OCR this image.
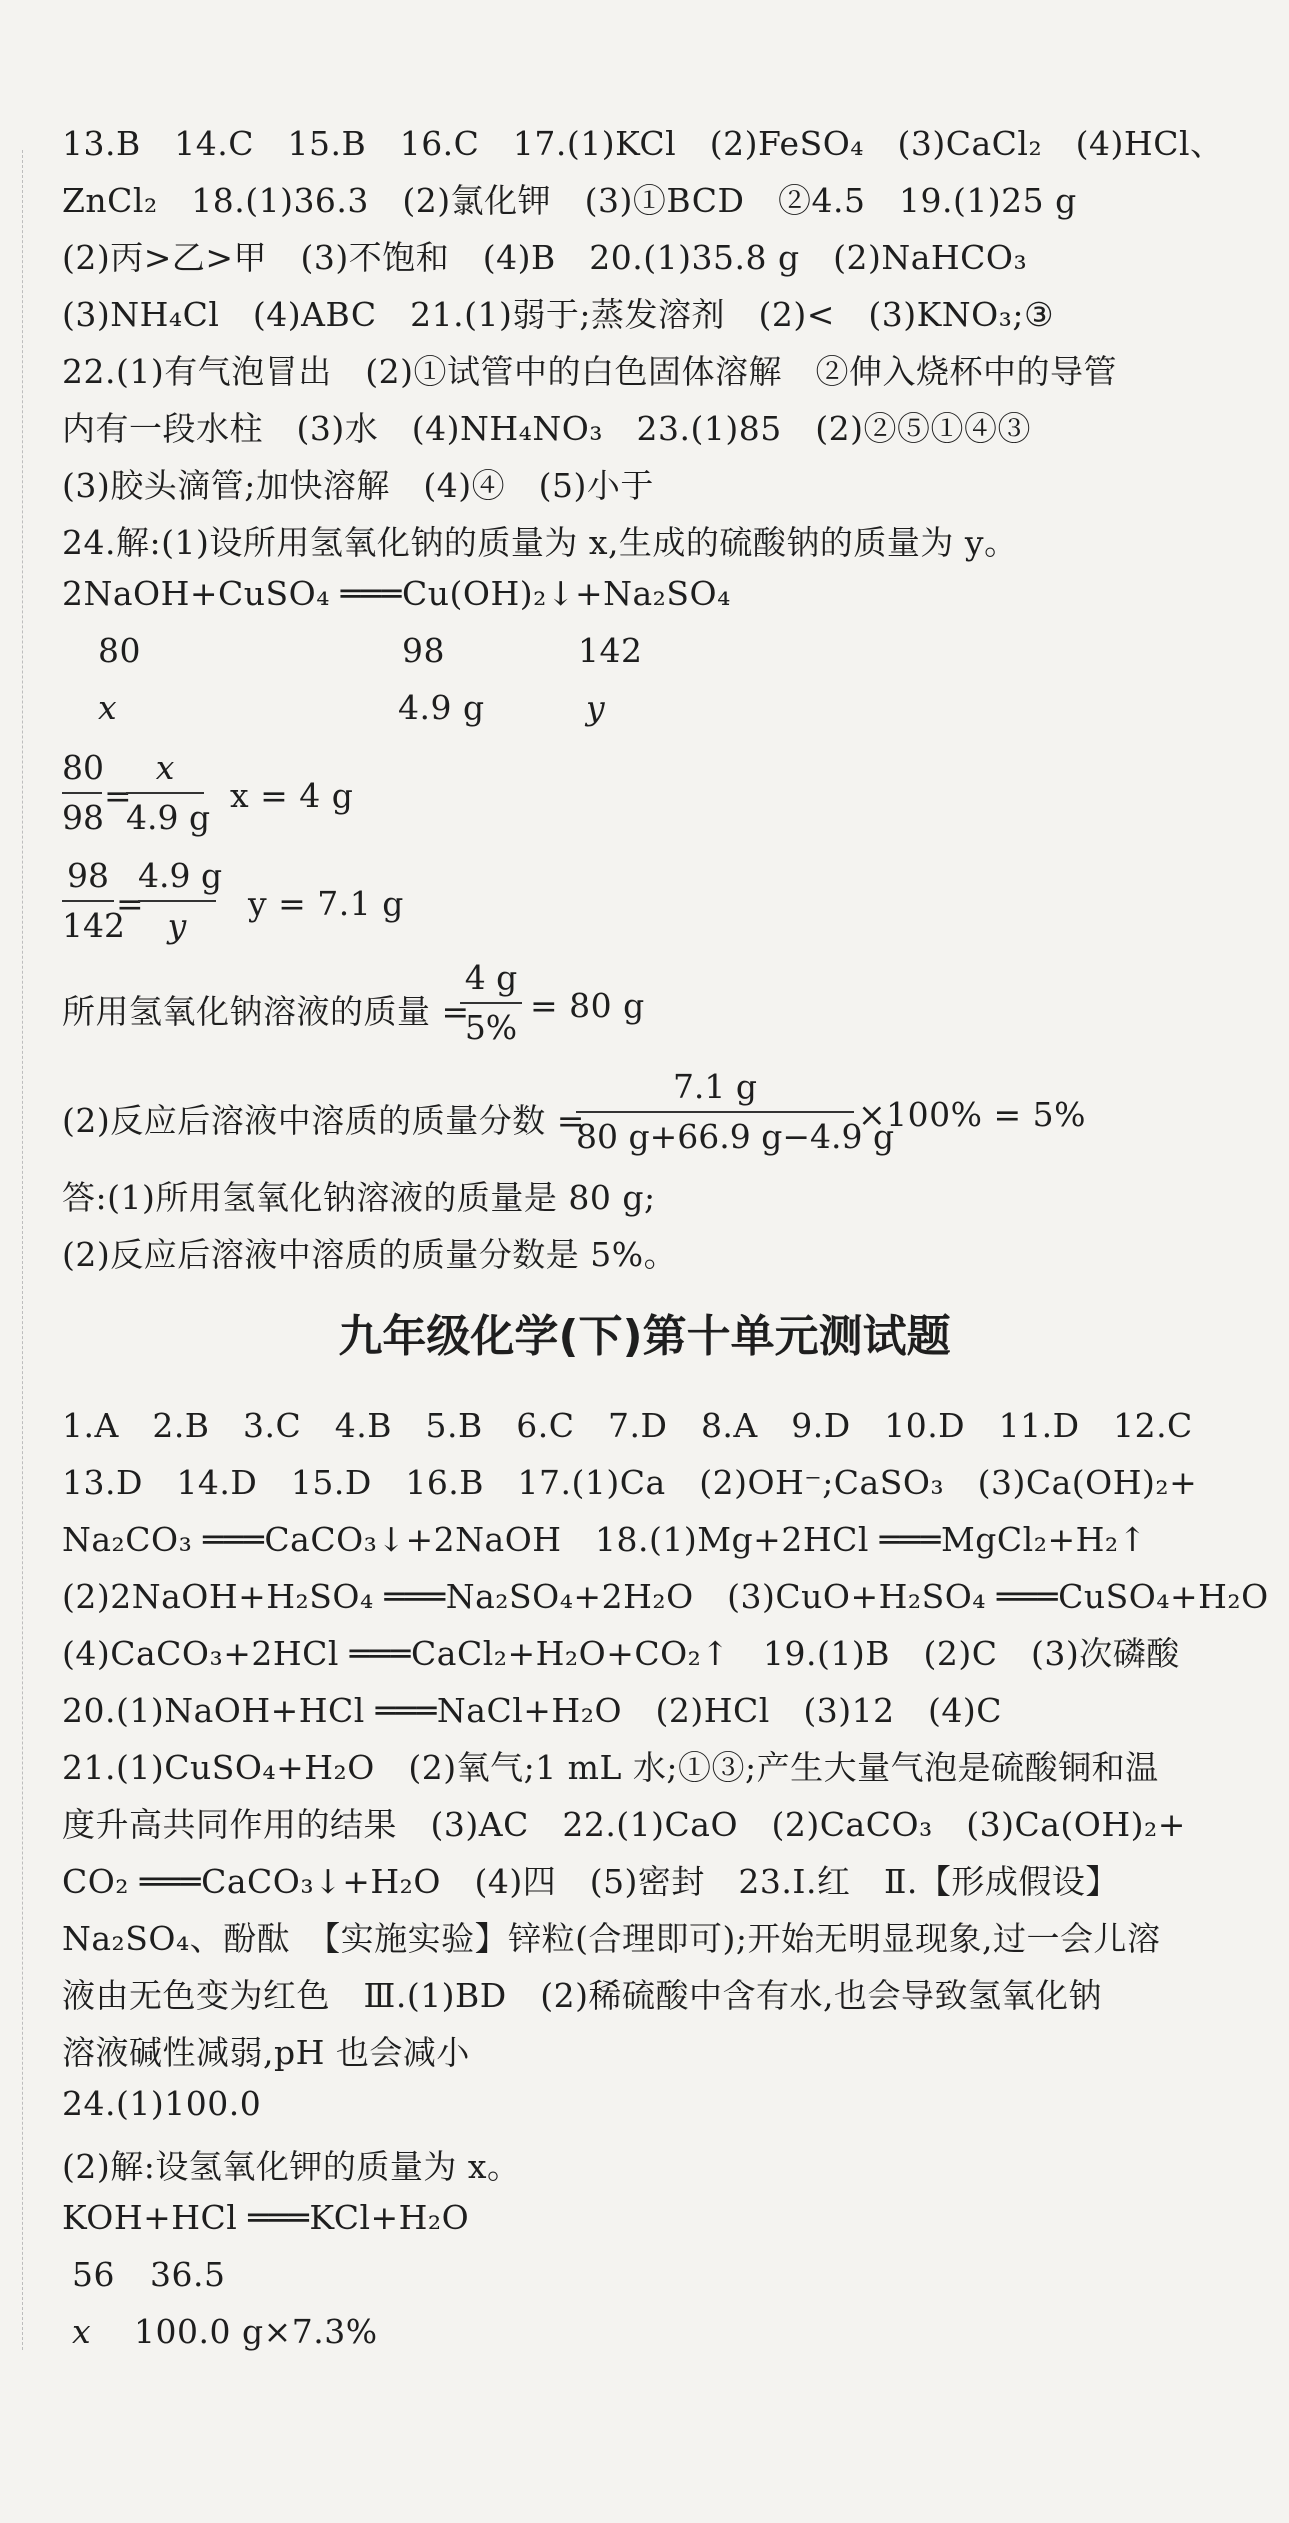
13.B　14.C　15.B　16.C　17.(1)KCl　(2)FeSO₄　(3)CaCl₂　(4)HCl、
ZnCl₂　18.(1)36.3　(2)氯化钾　(3)①BCD　②4.5　19.(1)25 g
(2)丙>乙>甲　(3)不饱和　(4)B　20.(1)35.8 g　(2)NaHCO₃
(3)NH₄Cl　(4)ABC　21.(1)弱于;蒸发溶剂　(2)<　(3)KNO₃;③
22.(1)有气泡冒出　(2)①试管中的白色固体溶解　②伸入烧杯中的导管
内有一段水柱　(3)水　(4)NH₄NO₃　23.(1)85　(2)②⑤①④③
(3)胶头滴管;加快溶解　(4)④　(5)小于
24.解:(1)设所用氢氧化钠的质量为 x,生成的硫酸钠的质量为 y。
2NaOH+CuSO₄ ═══Cu(OH)₂↓+Na₂SO₄
80	98	142
x	4.9 g	y
80
98
=
x
4.9 g
x = 4 g
98
142
=
4.9 g
y
y = 7.1 g
所用氢氧化钠溶液的质量 =
4 g
5%
= 80 g
(2)反应后溶液中溶质的质量分数 =
7.1 g
80 g+66.9 g−4.9 g
×100% = 5%
答:(1)所用氢氧化钠溶液的质量是 80 g;
(2)反应后溶液中溶质的质量分数是 5%。
九年级化学(下)第十单元测试题
1.A　2.B　3.C　4.B　5.B　6.C　7.D　8.A　9.D　10.D　11.D　12.C
13.D　14.D　15.D　16.B　17.(1)Ca　(2)OH⁻;CaSO₃　(3)Ca(OH)₂+
Na₂CO₃ ═══CaCO₃↓+2NaOH　18.(1)Mg+2HCl ═══MgCl₂+H₂↑
(2)2NaOH+H₂SO₄ ═══Na₂SO₄+2H₂O　(3)CuO+H₂SO₄ ═══CuSO₄+H₂O
(4)CaCO₃+2HCl ═══CaCl₂+H₂O+CO₂↑　19.(1)B　(2)C　(3)次磷酸
20.(1)NaOH+HCl ═══NaCl+H₂O　(2)HCl　(3)12　(4)C
21.(1)CuSO₄+H₂O　(2)氧气;1 mL 水;①③;产生大量气泡是硫酸铜和温
度升高共同作用的结果　(3)AC　22.(1)CaO　(2)CaCO₃　(3)Ca(OH)₂+
CO₂ ═══CaCO₃↓+H₂O　(4)四　(5)密封　23.Ⅰ.红　Ⅱ.【形成假设】
Na₂SO₄、酚酞　【实施实验】锌粒(合理即可);开始无明显现象,过一会儿溶
液由无色变为红色　Ⅲ.(1)BD　(2)稀硫酸中含有水,也会导致氢氧化钠
溶液碱性减弱,pH 也会减小
24.(1)100.0
(2)解:设氢氧化钾的质量为 x。
KOH+HCl ═══KCl+H₂O
56 36.5
x 100.0 g×7.3%
